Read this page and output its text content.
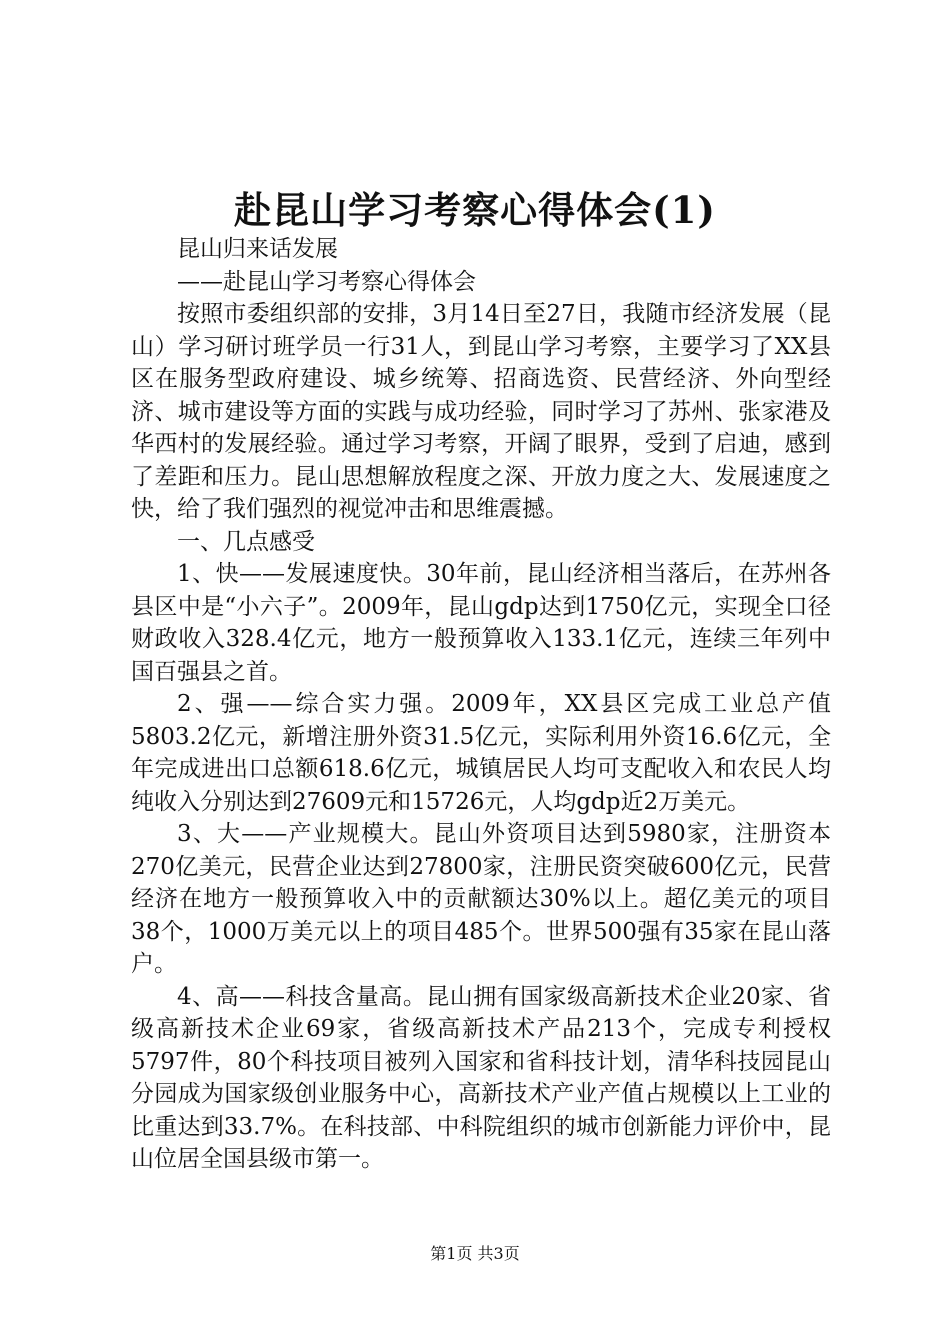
赴昆山学习考察心得体会(1)

昆山归来话发展

——赴昆山学习考察心得体会

按照市委组织部的安排，3月14日至27日，我随市经济发展（昆山）学习研讨班学员一行31人，到昆山学习考察，主要学习了XX县区在服务型政府建设、城乡统筹、招商选资、民营经济、外向型经济、城市建设等方面的实践与成功经验，同时学习了苏州、张家港及华西村的发展经验。通过学习考察，开阔了眼界，受到了启迪，感到了差距和压力。昆山思想解放程度之深、开放力度之大、发展速度之快，给了我们强烈的视觉冲击和思维震撼。

一、几点感受

1、快——发展速度快。30年前，昆山经济相当落后，在苏州各县区中是“小六子”。2009年，昆山gdp达到1750亿元，实现全口径财政收入328.4亿元，地方一般预算收入133.1亿元，连续三年列中国百强县之首。

2、强——综合实力强。2009年，XX县区完成工业总产值5803.2亿元，新增注册外资31.5亿元，实际利用外资16.6亿元，全年完成进出口总额618.6亿元，城镇居民人均可支配收入和农民人均纯收入分别达到27609元和15726元，人均gdp近2万美元。

3、大——产业规模大。昆山外资项目达到5980家，注册资本270亿美元，民营企业达到27800家，注册民资突破600亿元，民营经济在地方一般预算收入中的贡献额达30%以上。超亿美元的项目38个，1000万美元以上的项目485个。世界500强有35家在昆山落户。

4、高——科技含量高。昆山拥有国家级高新技术企业20家、省级高新技术企业69家，省级高新技术产品213个，完成专利授权5797件，80个科技项目被列入国家和省科技计划，清华科技园昆山分园成为国家级创业服务中心，高新技术产业产值占规模以上工业的比重达到33.7%。在科技部、中科院组织的城市创新能力评价中，昆山位居全国县级市第一。

第1页 共3页
